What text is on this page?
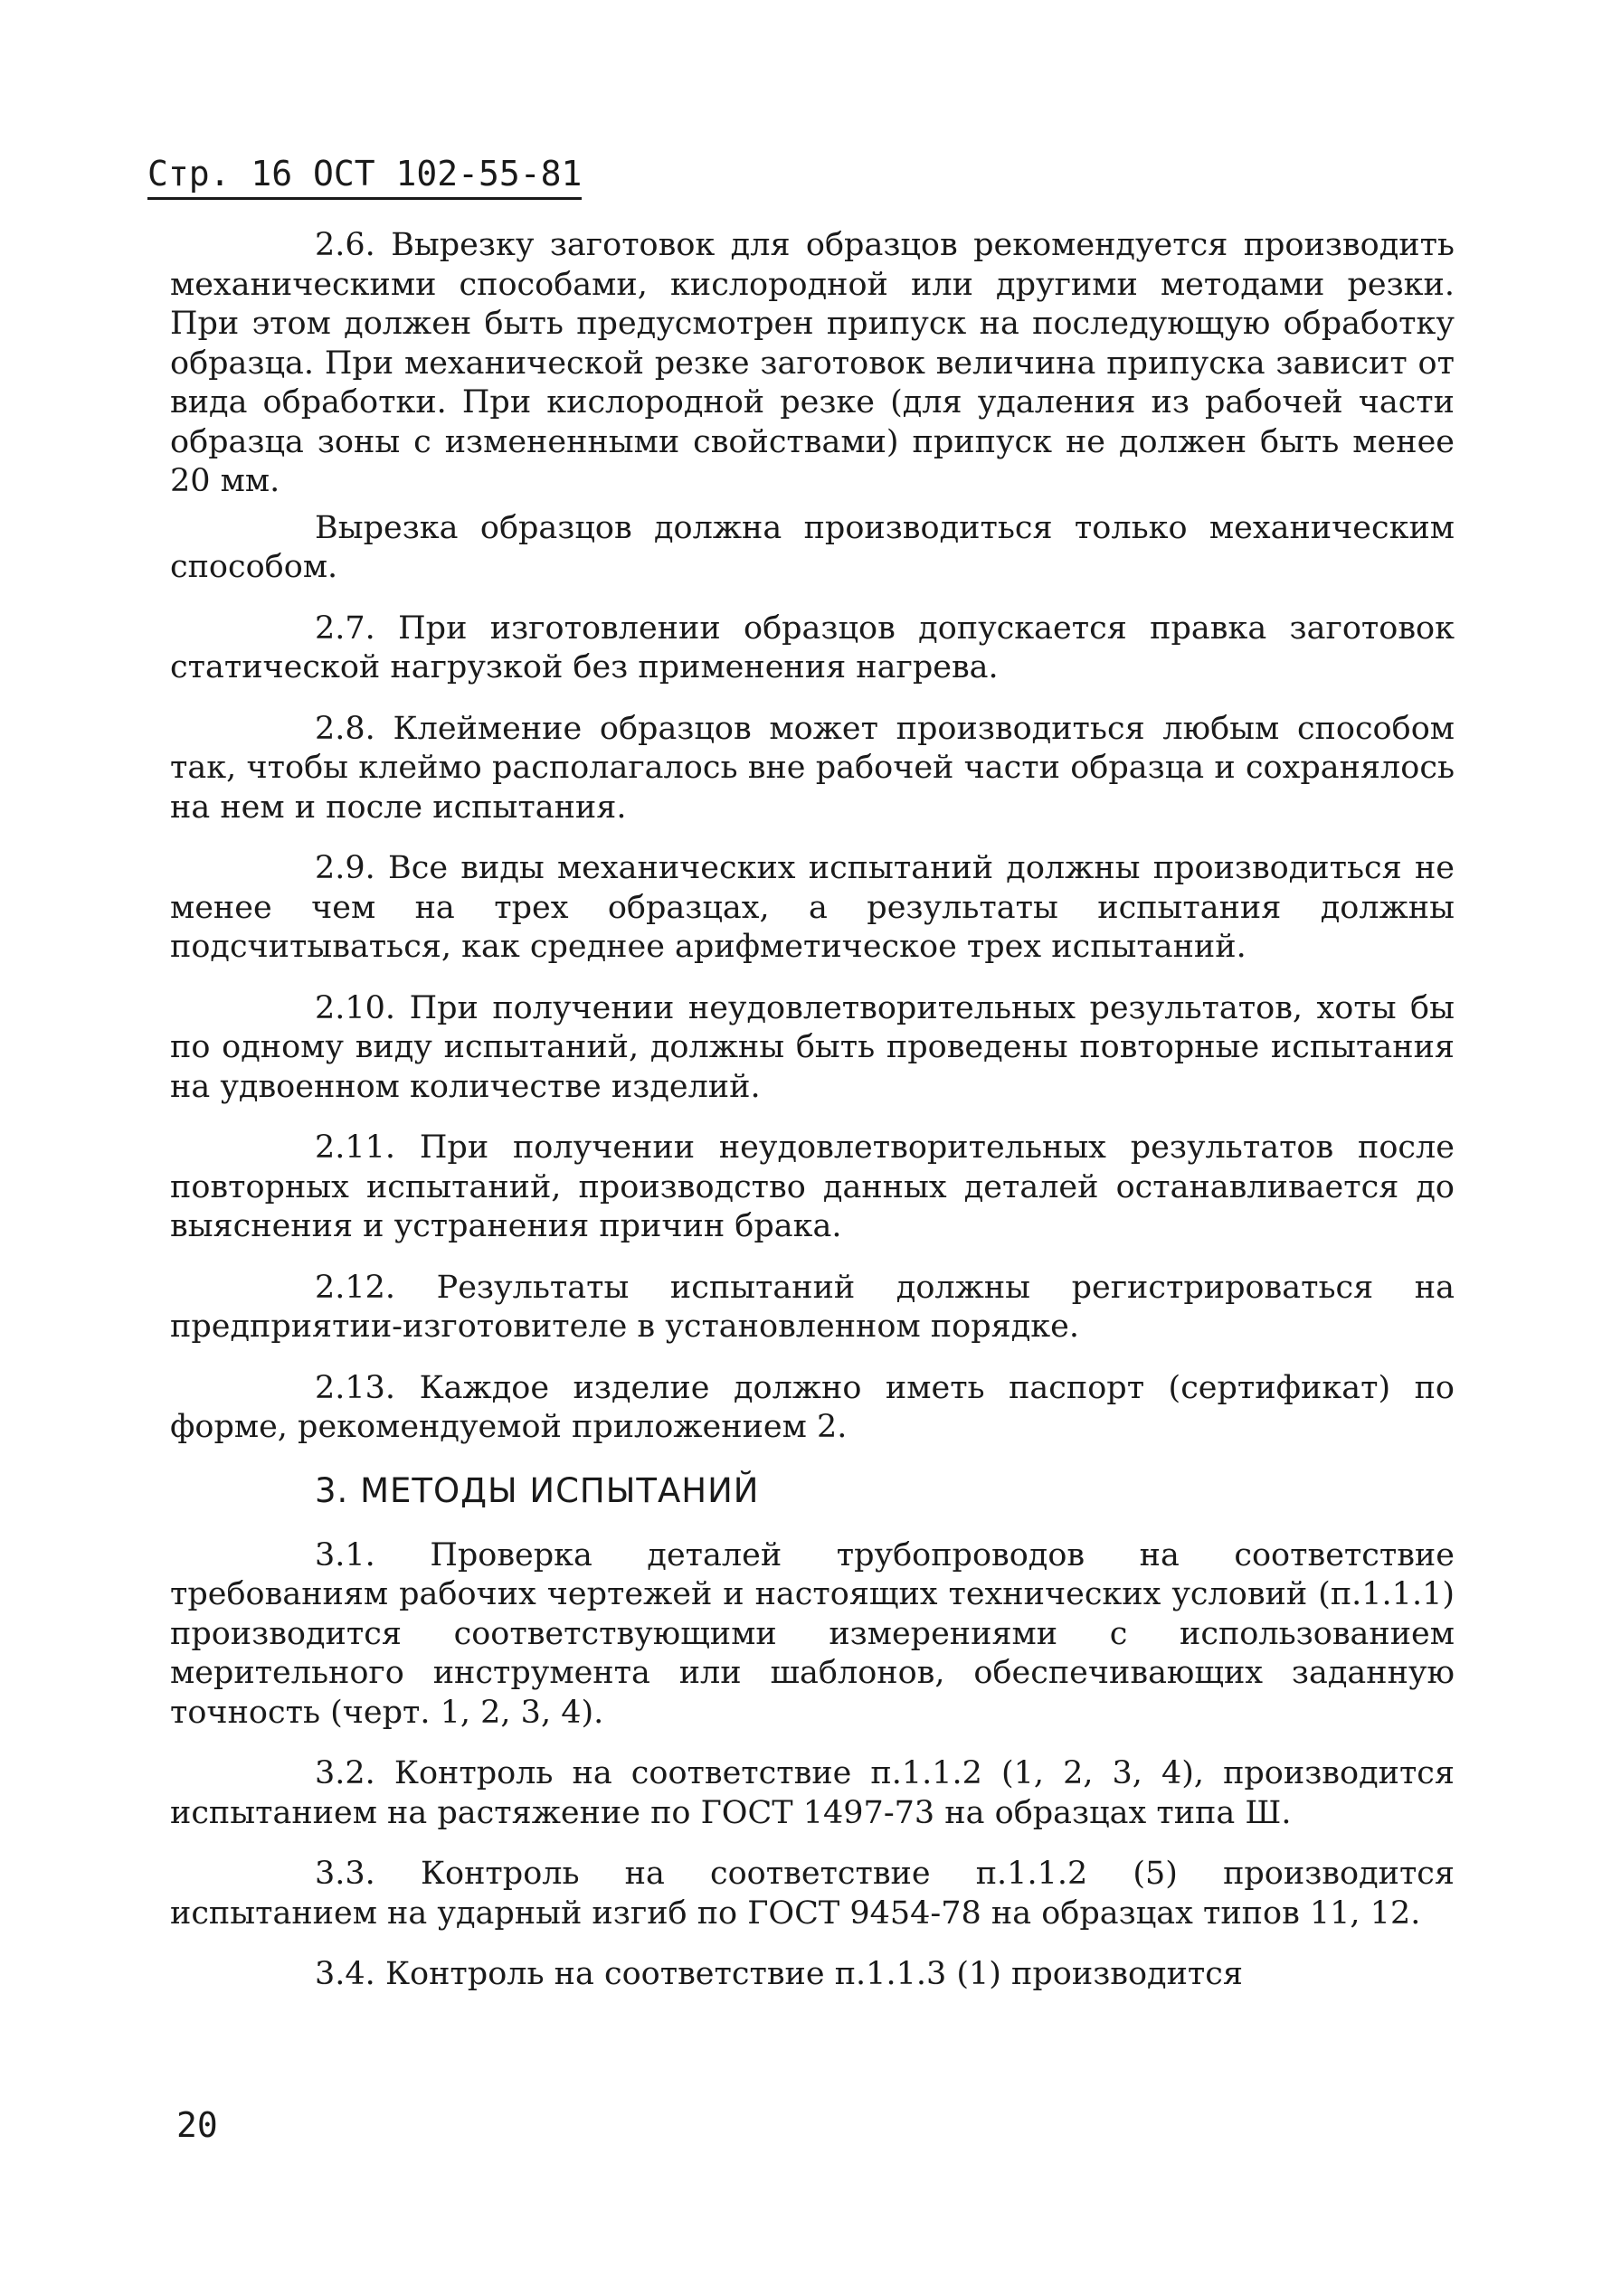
Стр. 16 ОСТ 102-55-81

2.6. Вырезку заготовок для образцов рекомендуется производить механическими способами, кислородной или другими методами резки. При этом должен быть предусмотрен припуск на последующую обработку образца. При механической резке заготовок величина припуска зависит от вида обработки. При кислородной резке (для удаления из рабочей части образца зоны с измененными свойствами) припуск не должен быть менее 20 мм.

Вырезка образцов должна производиться только механическим способом.

2.7. При изготовлении образцов допускается правка заготовок статической нагрузкой без применения нагрева.

2.8. Клеймение образцов может производиться любым способом так, чтобы клеймо располагалось вне рабочей части образца и сохранялось на нем и после испытания.

2.9. Все виды механических испытаний должны производиться не менее чем на трех образцах, а результаты испытания должны подсчитываться, как среднее арифметическое трех испытаний.

2.10. При получении неудовлетворительных результатов, хоты бы по одному виду испытаний, должны быть проведены повторные испытания на удвоенном количестве изделий.

2.11. При получении неудовлетворительных результатов после повторных испытаний, производство данных деталей останавливается до выяснения и устранения причин брака.

2.12. Результаты испытаний должны регистрироваться на предприятии-изготовителе в установленном порядке.

2.13. Каждое изделие должно иметь паспорт (сертификат) по форме, рекомендуемой приложением 2.

3. МЕТОДЫ ИСПЫТАНИЙ

3.1. Проверка деталей трубопроводов на соответствие требованиям рабочих чертежей и настоящих технических условий (п.1.1.1) производится соответствующими измерениями с использованием мерительного инструмента или шаблонов, обеспечивающих заданную точность (черт. 1, 2, 3, 4).

3.2. Контроль на соответствие п.1.1.2 (1, 2, 3, 4), производится испытанием на растяжение по ГОСТ 1497-73 на образцах типа Ш.

3.3. Контроль на соответствие п.1.1.2 (5) производится испытанием на ударный изгиб по ГОСТ 9454-78 на образцах типов 11, 12.

3.4. Контроль на соответствие п.1.1.3 (1) производится

20
